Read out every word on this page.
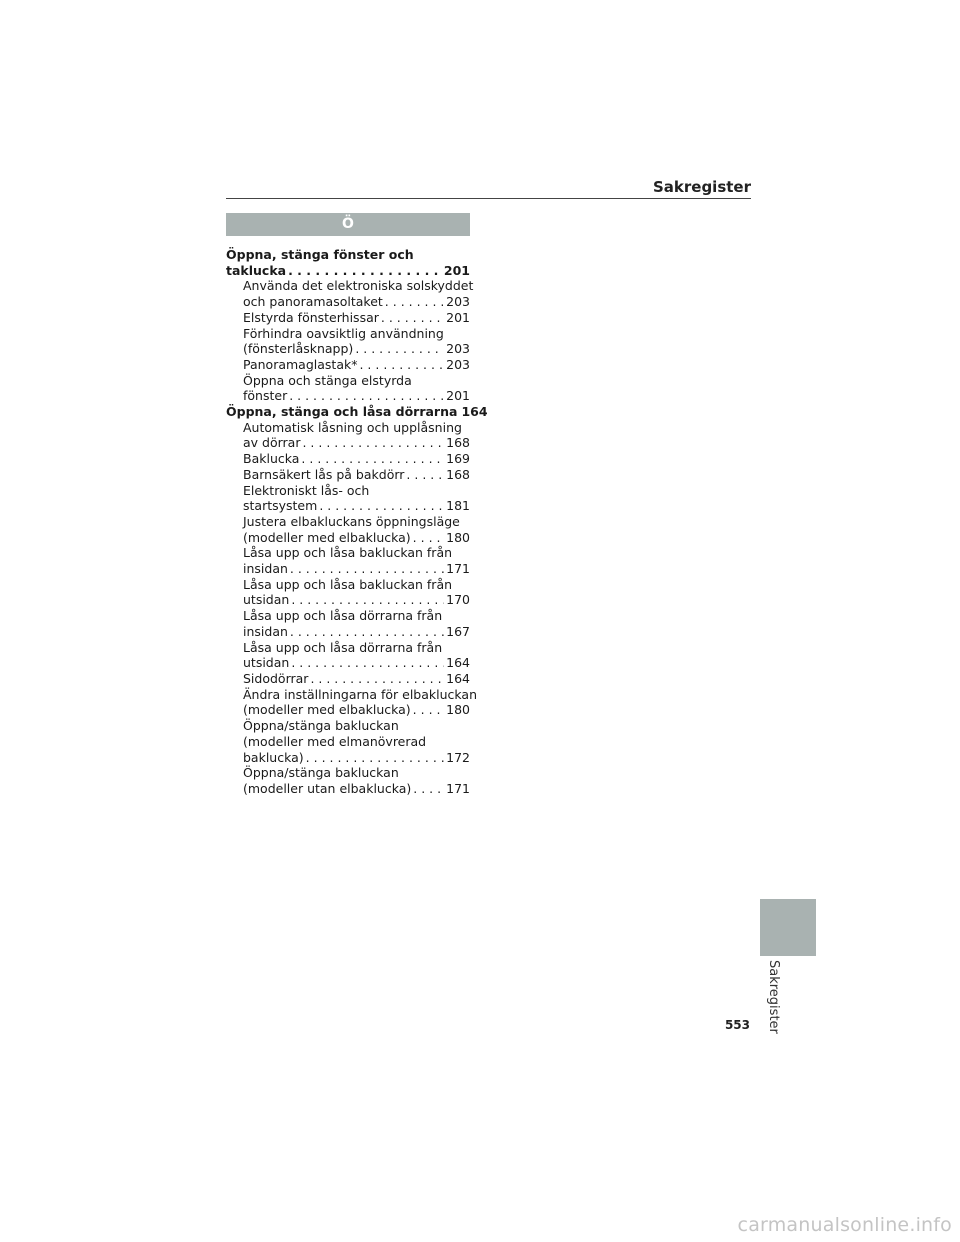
Sakregister
Ö
Öppna, stänga fönster och
taklucka . . .	201
Använda det elektroniska solskyddet
och panoramasoltaket . . .	203
Elstyrda fönsterhissar . . .	201
Förhindra oavsiktlig användning
(fönsterlåsknapp) . . .	203
Panoramaglastak* . . .	203
Öppna och stänga elstyrda
fönster . . .	201
Öppna, stänga och låsa dörrarna . . . 164
Automatisk låsning och upplåsning
av dörrar . . .	168
Baklucka . . .	169
Barnsäkert lås på bakdörr . . .	168
Elektroniskt lås- och
startsystem . . .	181
Justera elbakluckans öppningsläge
(modeller med elbaklucka) . . .	180
Låsa upp och låsa bakluckan från
insidan . . .	171
Låsa upp och låsa bakluckan från
utsidan . . .	170
Låsa upp och låsa dörrarna från
insidan . . .	167
Låsa upp och låsa dörrarna från
utsidan . . .	164
Sidodörrar . . .	164
Ändra inställningarna för elbakluckan
(modeller med elbaklucka) . . .	180
Öppna/stänga bakluckan
(modeller med elmanövrerad
baklucka) . . .	172
Öppna/stänga bakluckan
(modeller utan elbaklucka) . . .	171
Sakregister
553
carmanualsonline.info
